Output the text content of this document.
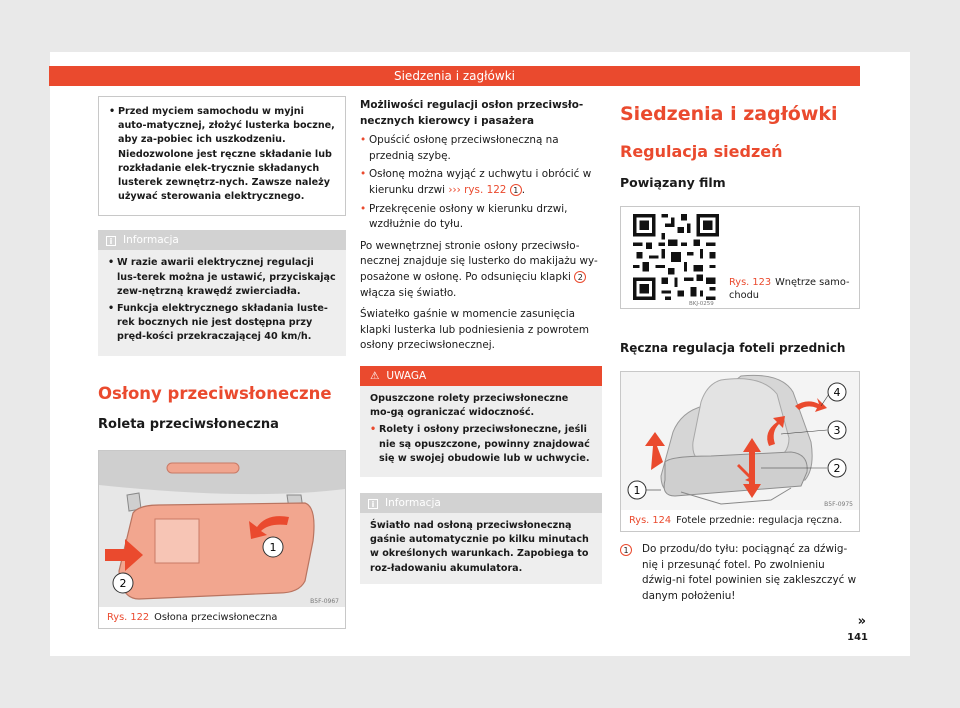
Siedzenia i zagłówki
• Przed myciem samochodu w myjni auto-matycznej, złożyć lusterka boczne, aby za-pobiec ich uszkodzeniu. Niedozwolone jest ręczne składanie lub rozkładanie elek-trycznie składanych lusterek zewnętrz-nych. Zawsze należy używać sterowania elektrycznego.
i Informacja
• W razie awarii elektrycznej regulacji lus-terek można je ustawić, przyciskając zew-nętrzną krawędź zwierciadła.
• Funkcja elektrycznego składania luste-rek bocznych nie jest dostępna przy pręd-kości przekraczającej 40 km/h.
Osłony przeciwsłoneczne
Roleta przeciwsłoneczna
1
2
B5F-0967
Rys. 122 Osłona przeciwsłoneczna
Możliwości regulacji osłon przeciwsło-necznych kierowcy i pasażera
• Opuścić osłonę przeciwsłoneczną na przednią szybę.
• Osłonę można wyjąć z uchwytu i obrócić w kierunku drzwi ››› rys. 122 1 .
• Przekręcenie osłony w kierunku drzwi, wzdłużnie do tyłu.

Po wewnętrznej stronie osłony przeciwsło-necznej znajduje się lusterko do makijażu wy-posażone w osłonę. Po odsunięciu klapki 2 włącza się światło.

Światełko gaśnie w momencie zasunięcia klapki lusterka lub podniesienia z powrotem osłony przeciwsłonecznej.

⚠ UWAGA
Opuszczone rolety przeciwsłoneczne mo-gą ograniczać widoczność.
• Rolety i osłony przeciwsłoneczne, jeśli nie są opuszczone, powinny znajdować się w swojej obudowie lub w uchwycie.
i Informacja
Światło nad osłoną przeciwsłoneczną gaśnie automatycznie po kilku minutach w określonych warunkach. Zapobiega to roz-ładowaniu akumulatora.
Siedzenia i zagłówki
Regulacja siedzeń
Powiązany film
BKJ-0259
Rys. 123 Wnętrze samo-chodu
Ręczna regulacja foteli przednich
1
2
3
4
B5F-0975
Rys. 124 Fotele przednie: regulacja ręczna.
1	Do przodu/do tyłu: pociągnąć za dźwig-nię i przesunąć fotel. Po zwolnieniu dźwig-ni fotel powinien się zakleszczyć w danym położeniu!
»
141
